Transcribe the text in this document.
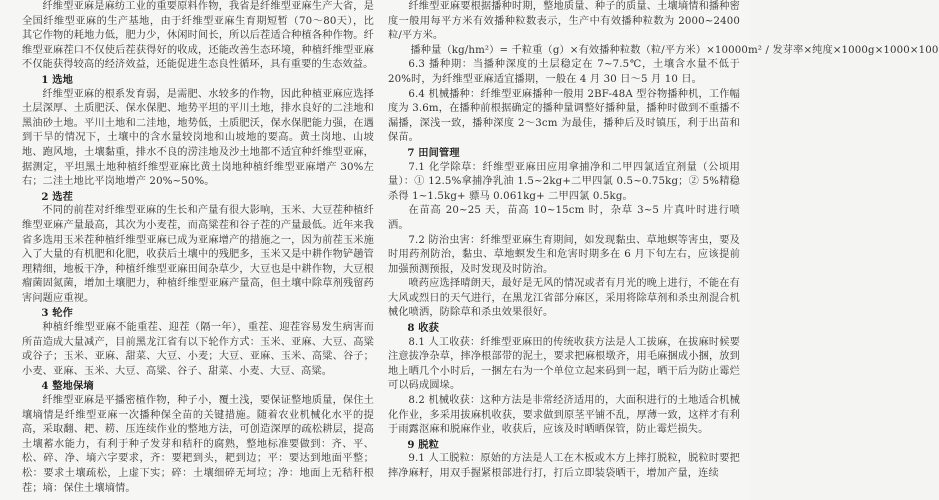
纤维型亚麻是麻纺工业的重要原料作物，我省是纤维型亚麻生产大省，是全国纤维型亚麻的生产基地，由于纤维型亚麻生育期短暂（70～80天），比其它作物的耗地力低，肥力少，休闲时间长，所以后茬适合种植各种作物。纤维型亚麻茬口不仅使后茬获得好的收成，还能改善生态环境，种植纤维型亚麻不仅能获得较高的经济效益，还能促进生态良性循环，具有重要的生态效益。

1 选地

纤维型亚麻的根系发育弱，是需肥、水较多的作物，因此种植亚麻应选择土层深厚、土质肥沃、保水保肥、地势平坦的平川土地，排水良好的二洼地和黑油砂土地。平川土地和二洼地，地势低，土质肥沃，保水保肥能力强，在遇到干旱的情况下，土壤中的含水量较岗地和山坡地的要高。黄土岗地、山坡地、跑风地，土壤黏重，排水不良的涝洼地及沙土地都不适宜种纤维型亚麻，据测定，平坦黑土地种植纤维型亚麻比黄土岗地种植纤维型亚麻增产 30%左右；二洼土地比平岗地增产 20%~50%。

2 选茬

不同的前茬对纤维型亚麻的生长和产量有很大影响，玉米、大豆茬种植纤维型亚麻产量最高，其次为小麦茬，而高粱茬和谷子茬的产量最低。近年来我省多选用玉米茬种植纤维型亚麻已成为亚麻增产的措施之一，因为前茬玉米施入了大量的有机肥和化肥，收获后土壤中的残肥多，玉米又是中耕作物铲趟管理精细，地板干净，种植纤维型亚麻田间杂草少，大豆也是中耕作物，大豆根瘤菌固氮菌，增加土壤肥力，种植纤维型亚麻产量高，但土壤中除草剂残留药害问题应重视。

3 轮作

种植纤维型亚麻不能重茬、迎茬（隔一年），重茬、迎茬容易发生病害而所苗造成大量减产，目前黑龙江省有以下轮作方式：玉米、亚麻、大豆、高粱或谷子；玉米、亚麻、甜菜、大豆、小麦；大豆、亚麻、玉米、高粱、谷子；小麦、亚麻、玉米、大豆、高粱、谷子、甜菜、小麦、大豆、高粱。

4 整地保墒

纤维型亚麻是平播密植作物，种子小，覆土浅，要保证整地质量，保住土壤墒情是纤维型亚麻一次播种保全苗的关键措施。随着农业机械化水平的提高，采取翻、耙、耢、压连续作业的整地方法，可创造深厚的疏松耕层，提高土壤蓄水能力，有利于种子发芽和秸秆的腐熟，整地标准要做到：齐、平、松、碎、净、墒六字要求，齐：要耙到头，耙到边；平：要达到地面平整；松：要求土壤疏松，上虚下实；碎：土壤细碎无坷垃；净：地面上无秸秆根茬；墒：保住土壤墒情。

纤维型亚麻要根据播种时期，整地质量、种子的质量、土壤墒情和播种密度一般用每平方米有效播种粒数表示，生产中有效播种粒数为 2000~2400 粒/平方米。

播种量（kg/hm²）= 千粒重（g）×有效播种粒数（粒/平方米）×10000m² / 发芽率×纯度×1000g×1000×100

6.3 播种期：当播种深度的土层稳定在 7~7.5℃，土壤含水量不低于 20%时，为纤维型亚麻适宜播期，一般在 4 月 30 日～5 月 10 日。

6.4 机械播种：纤维型亚麻播种一般用 2BF-48A 型谷物播种机，工作幅度为 3.6m，在播种前根据确定的播种量调整好播种量，播种时做到不重播不漏播，深浅一致，播种深度 2～3cm 为最佳，播种后及时镇压，利于出苗和保苗。

7 田间管理

7.1 化学除草：纤维型亚麻田应用拿捕净和二甲四氯适宜剂量（公顷用量）：① 12.5%拿捕净乳油 1.5~2kg+二甲四氯 0.5~0.75kg；② 5%精稳杀得 1~1.5kg+ 骠马 0.061kg+ 二甲四氯 0.5kg。

在苗高 20~25 天，苗高 10~15cm 时，杂草 3~5 片真叶时进行喷洒。

7.2 防治虫害：纤维型亚麻生育期间，如发现黏虫、草地螟等害虫，要及时用药剂防治，黏虫、草地螟发生和危害时期多在 6 月下旬左右，应该提前加强预测预报，及时发现及时防治。

喷药应选择晴朗天，最好是无风的情况或者有月光的晚上进行，不能在有大风或烈日的天气进行，在黑龙江省部分麻区，采用将除草剂和杀虫剂混合机械化喷洒，防除草和杀虫效果很好。

8 收获

8.1 人工收获：纤维型亚麻田的传统收获方法是人工拔麻，在拔麻时候要注意拔净杂草，摔净根部带的泥土，要求把麻根墩齐，用毛麻捆成小捆，放到地上晒几个小时后，一捆左右为一个单位立起来码到一起，晒干后为防止霉烂可以码成圆垛。

8.2 机械收获：这种方法是非常经济适用的，大面积进行的土地适合机械化作业，多采用拔麻机收获，要求做到原茎平铺不乱，厚薄一致，这样才有利于雨露沤麻和脱麻作业，收获后，应该及时晒晒保管，防止霉烂损失。

9 脱粒

9.1 人工脱粒：原始的方法是人工在木板或木方上摔打脱粒，脱粒时要把摔净麻籽，用双手握紧根部进行打，打后立即装袋晒干，增加产量，连续
